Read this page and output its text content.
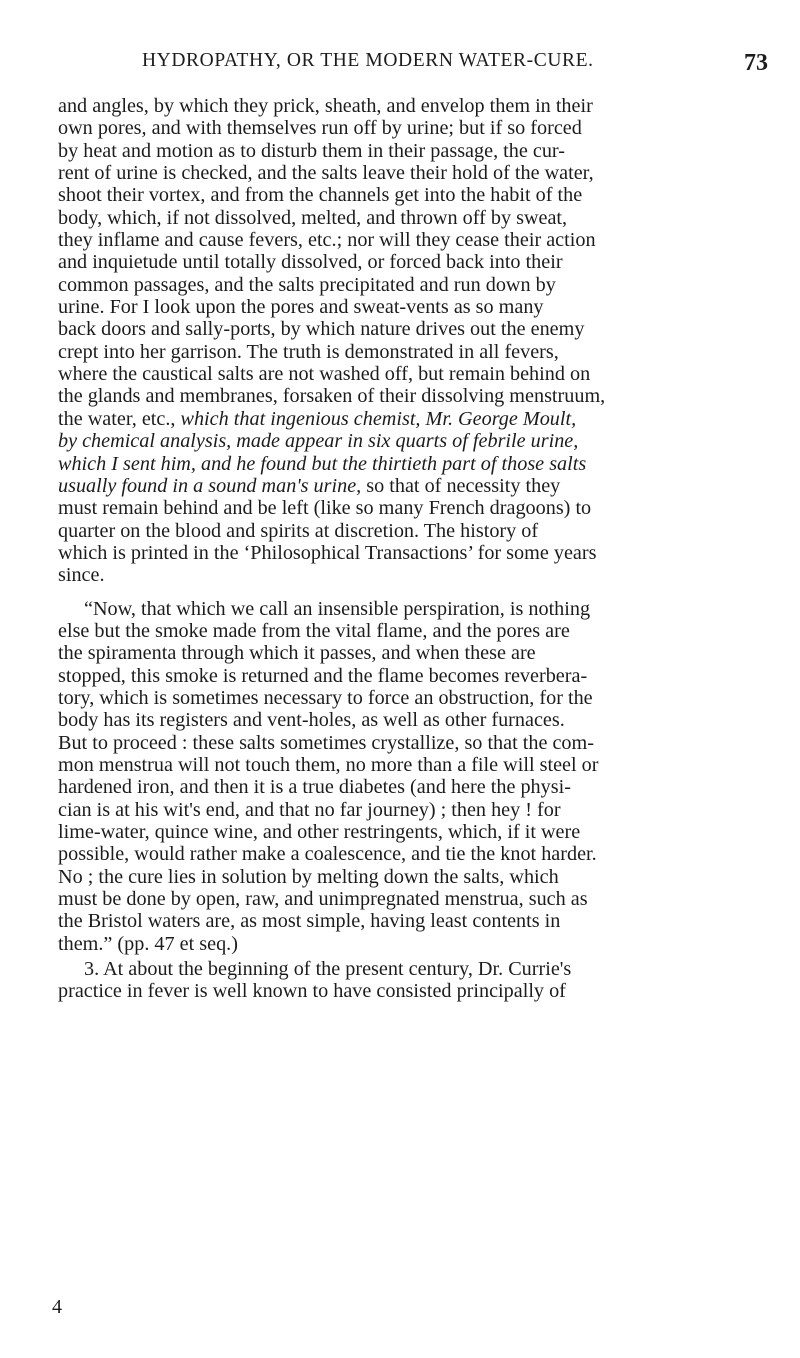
HYDROPATHY, OR THE MODERN WATER-CURE.	73
and angles, by which they prick, sheath, and envelop them in their
own pores, and with themselves run off by urine; but if so forced
by heat and motion as to disturb them in their passage, the cur-
rent of urine is checked, and the salts leave their hold of the water,
shoot their vortex, and from the channels get into the habit of the
body, which, if not dissolved, melted, and thrown off by sweat,
they inflame and cause fevers, etc.; nor will they cease their action
and inquietude until totally dissolved, or forced back into their
common passages, and the salts precipitated and run down by
urine. For I look upon the pores and sweat-vents as so many
back doors and sally-ports, by which nature drives out the enemy
crept into her garrison. The truth is demonstrated in all fevers,
where the caustical salts are not washed off, but remain behind on
the glands and membranes, forsaken of their dissolving menstruum,
the water, etc., which that ingenious chemist, Mr. George Moult,
by chemical analysis, made appear in six quarts of febrile urine,
which I sent him, and he found but the thirtieth part of those salts
usually found in a sound man's urine, so that of necessity they
must remain behind and be left (like so many French dragoons) to
quarter on the blood and spirits at discretion. The history of
which is printed in the ‘Philosophical Transactions’ for some years
since.
“Now, that which we call an insensible perspiration, is nothing
else but the smoke made from the vital flame, and the pores are
the spiramenta through which it passes, and when these are
stopped, this smoke is returned and the flame becomes reverbera-
tory, which is sometimes necessary to force an obstruction, for the
body has its registers and vent-holes, as well as other furnaces.
But to proceed : these salts sometimes crystallize, so that the com-
mon menstrua will not touch them, no more than a file will steel or
hardened iron, and then it is a true diabetes (and here the physi-
cian is at his wit's end, and that no far journey) ; then hey ! for
lime-water, quince wine, and other restringents, which, if it were
possible, would rather make a coalescence, and tie the knot harder.
No ; the cure lies in solution by melting down the salts, which
must be done by open, raw, and unimpregnated menstrua, such as
the Bristol waters are, as most simple, having least contents in
them.” (pp. 47 et seq.)
3. At about the beginning of the present century, Dr. Currie's
practice in fever is well known to have consisted principally of
4
